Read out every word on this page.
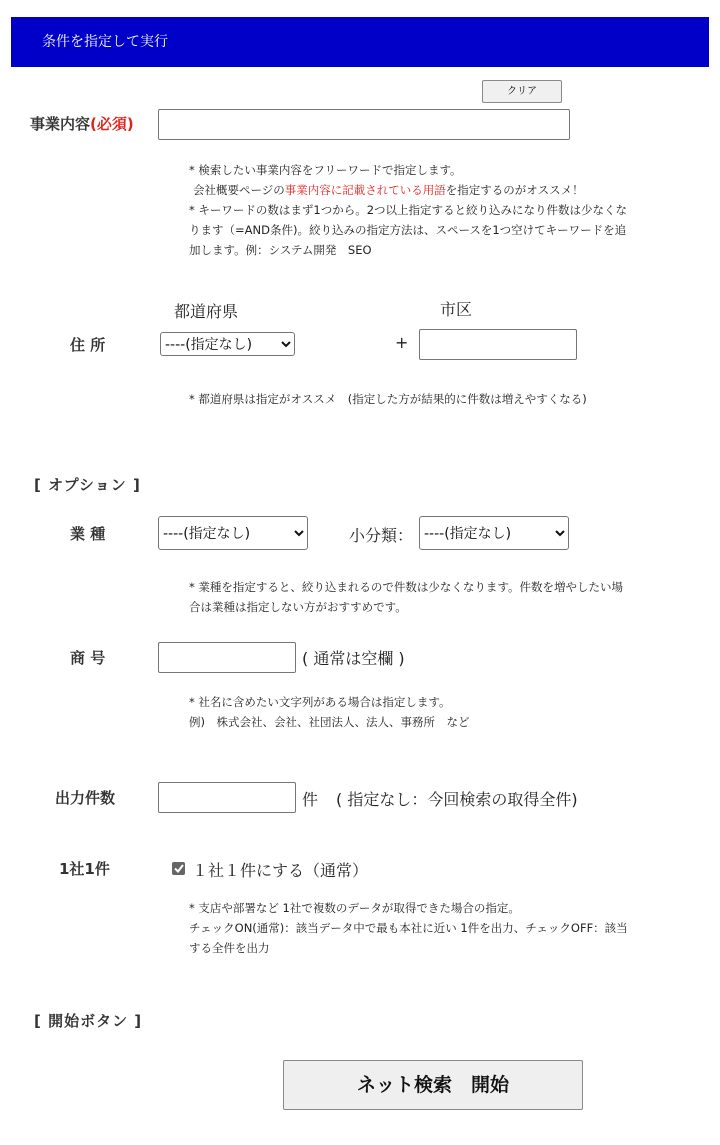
条件を指定して実行
クリア
事業内容(必須)
* 検索したい事業内容をフリーワードで指定します。
会社概要ページの事業内容に記載されている用語を指定するのがオススメ！
* キーワードの数はまず1つから。2つ以上指定すると絞り込みになり件数は少なくな
ります（=AND条件)。絞り込みの指定方法は、スペースを1つ空けてキーワードを追
加します。例：システム開発　SEO
都道府県	市区
住 所	----(指定なし)	+
* 都道府県は指定がオススメ　(指定した方が結果的に件数は増えやすくなる)
[ オプション ]
業 種	----(指定なし)	小分類： ----(指定なし)
* 業種を指定すると、絞り込まれるので件数は少なくなります。件数を増やしたい場
合は業種は指定しない方がおすすめです。
商 号	( 通常は空欄 )
* 社名に含めたい文字列がある場合は指定します。
例)　株式会社、会社、社団法人、法人、事務所　など
出力件数	件 ( 指定なし：今回検索の取得全件)
1社1件	１社１件にする（通常）
* 支店や部署など 1社で複数のデータが取得できた場合の指定。
チェックON(通常)：該当データ中で最も本社に近い 1件を出力、チェックOFF：該当
する全件を出力
[ 開始ボタン ]
ネット検索　開始
